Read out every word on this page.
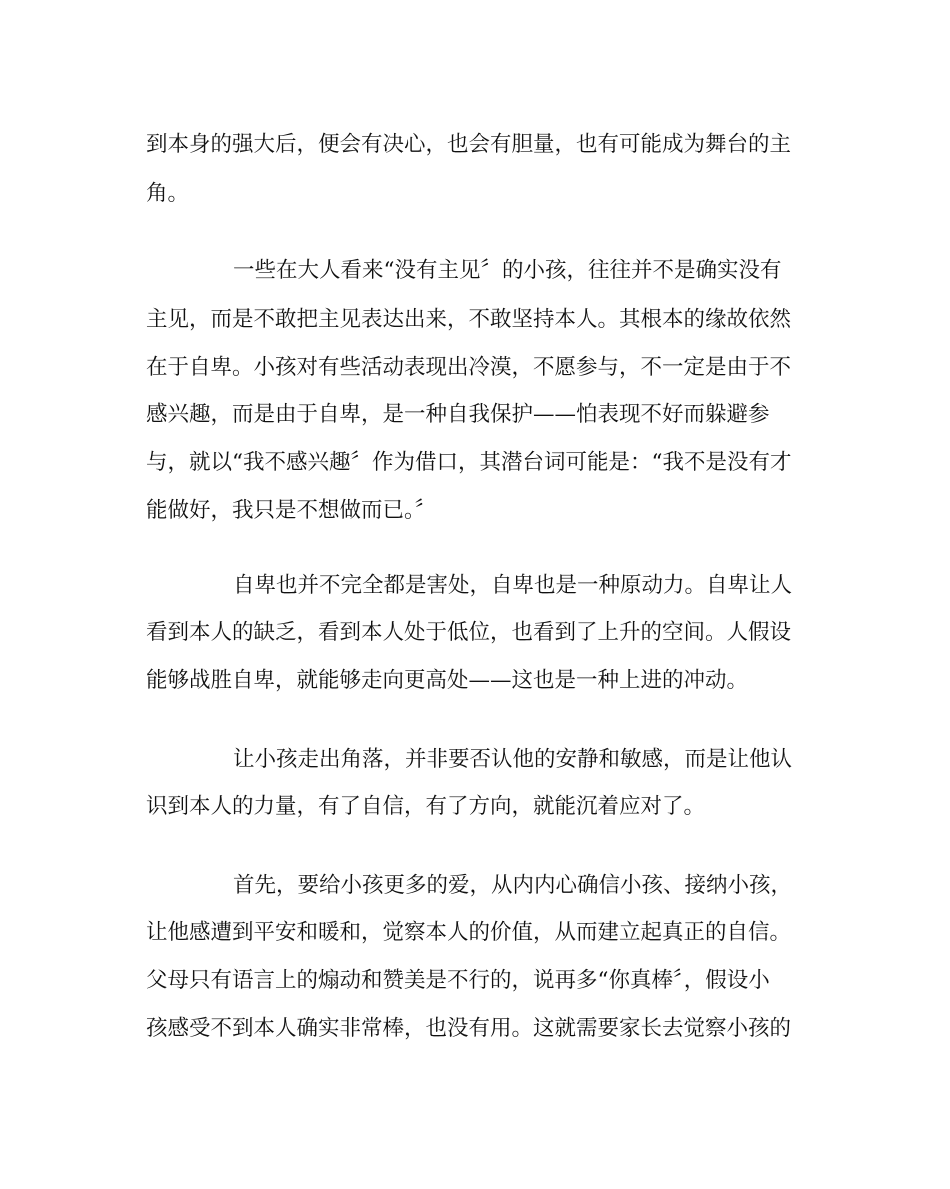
到本身的强大后，便会有决心，也会有胆量，也有可能成为舞台的主

角。

一些在大人看来“没有主见〞的小孩，往往并不是确实没有

主见，而是不敢把主见表达出来，不敢坚持本人。其根本的缘故依然

在于自卑。小孩对有些活动表现出冷漠，不愿参与，不一定是由于不

感兴趣，而是由于自卑，是一种自我保护——怕表现不好而躲避参

与，就以“我不感兴趣〞作为借口，其潜台词可能是：“我不是没有才

能做好，我只是不想做而已。〞

自卑也并不完全都是害处，自卑也是一种原动力。自卑让人

看到本人的缺乏，看到本人处于低位，也看到了上升的空间。人假设

能够战胜自卑，就能够走向更高处——这也是一种上进的冲动。

让小孩走出角落，并非要否认他的安静和敏感，而是让他认

识到本人的力量，有了自信，有了方向，就能沉着应对了。

首先，要给小孩更多的爱，从内内心确信小孩、接纳小孩，

让他感遭到平安和暖和，觉察本人的价值，从而建立起真正的自信。

父母只有语言上的煽动和赞美是不行的，说再多“你真棒〞，假设小

孩感受不到本人确实非常棒，也没有用。这就需要家长去觉察小孩的
